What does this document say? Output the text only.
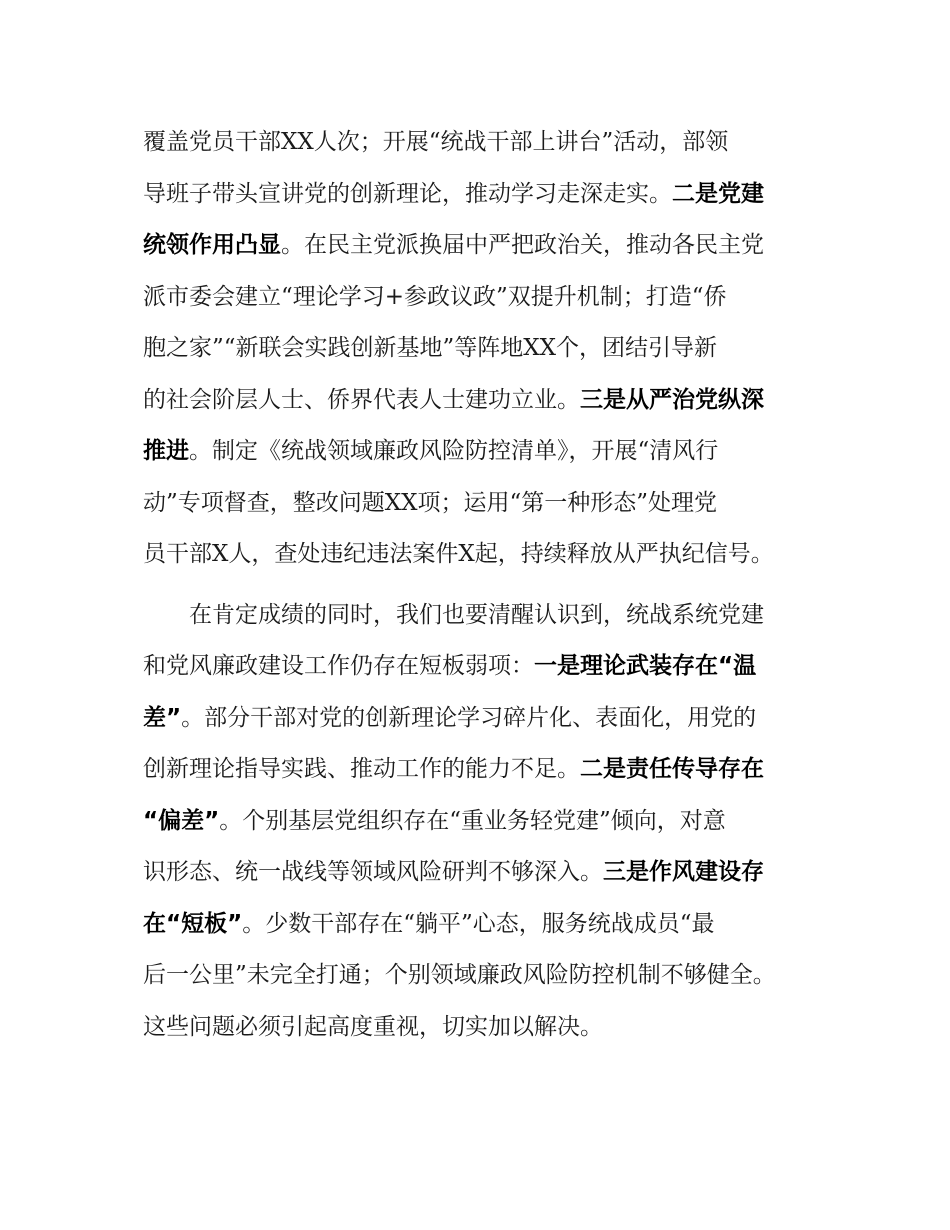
覆盖党员干部XX人次；开展“统战干部上讲台”活动，部领
导班子带头宣讲党的创新理论，推动学习走深走实。二是党建
统领作用凸显。在民主党派换届中严把政治关，推动各民主党
派市委会建立“理论学习+参政议政”双提升机制；打造“侨
胞之家”“新联会实践创新基地”等阵地XX个，团结引导新
的社会阶层人士、侨界代表人士建功立业。三是从严治党纵深
推进。制定《统战领域廉政风险防控清单》，开展“清风行
动”专项督查，整改问题XX项；运用“第一种形态”处理党
员干部X人，查处违纪违法案件X起，持续释放从严执纪信号。
在肯定成绩的同时，我们也要清醒认识到，统战系统党建
和党风廉政建设工作仍存在短板弱项：一是理论武装存在“温
差”。部分干部对党的创新理论学习碎片化、表面化，用党的
创新理论指导实践、推动工作的能力不足。二是责任传导存在
“偏差”。个别基层党组织存在“重业务轻党建”倾向，对意
识形态、统一战线等领域风险研判不够深入。三是作风建设存
在“短板”。少数干部存在“躺平”心态，服务统战成员“最
后一公里”未完全打通；个别领域廉政风险防控机制不够健全。
这些问题必须引起高度重视，切实加以解决。
